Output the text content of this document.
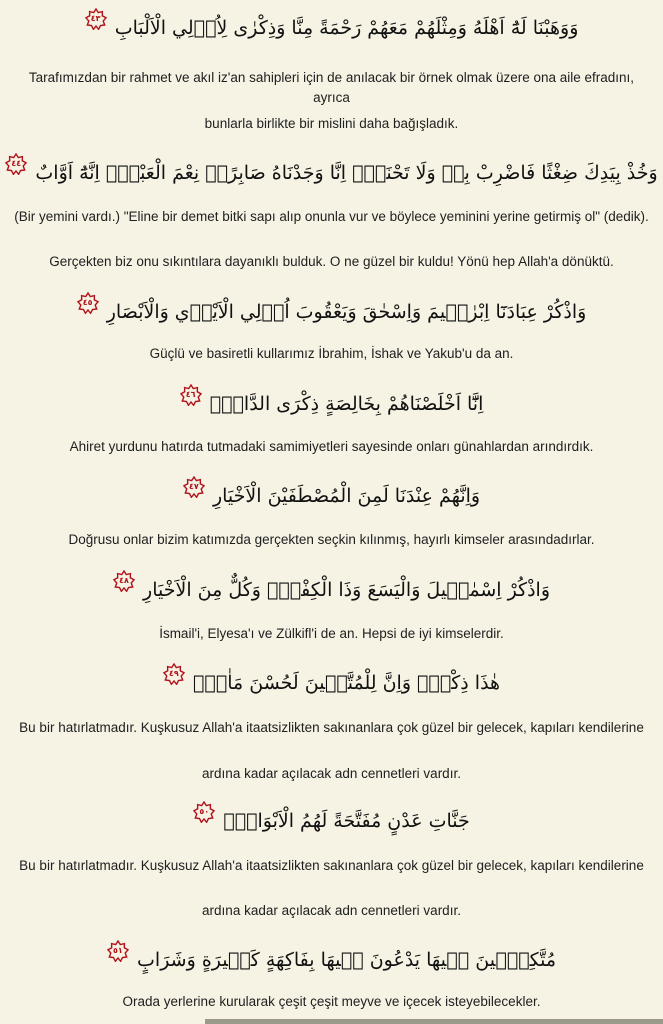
وَوَهَبْنَا لَهُٓ اَهْلَهُ وَمِثْلَهُمْ مَعَهُمْ رَحْمَةً مِنَّا وَذِكْرٰى لِاُو۬لِي الْاَلْبَابِ
٤٣
Tarafımızdan bir rahmet ve akıl iz'an sahipleri için de anılacak bir örnek olmak üzere ona aile efradını, ayrıca
bunlarla birlikte bir mislini daha bağışladık.
وَخُذْ بِيَدِكَ ضِغْثًا فَاضْرِبْ بِهٖ وَلَا تَحْنَثْۜ اِنَّا وَجَدْنَاهُ صَابِرًاۜ نِعْمَ الْعَبْدُۜ اِنَّهُٓ اَوَّابٌ
٤٤
(Bir yemini vardı.) "Eline bir demet bitki sapı alıp onunla vur ve böylece yeminini yerine getirmiş ol" (dedik).
Gerçekten biz onu sıkıntılara dayanıklı bulduk. O ne güzel bir kuldu! Yönü hep Allah'a dönüktü.
وَاذْكُرْ عِبَادَنَٓا اِبْرٰهٖيمَ وَاِسْحٰقَ وَيَعْقُوبَ اُو۬لِي الْاَيْدٖي وَالْاَبْصَارِ
٤٥
Güçlü ve basiretli kullarımız İbrahim, İshak ve Yakub'u da an.
اِنَّٓا اَخْلَصْنَاهُمْ بِخَالِصَةٍ ذِكْرَى الدَّارِۚ
٤٦
Ahiret yurdunu hatırda tutmadaki samimiyetleri sayesinde onları günahlardan arındırdık.
وَاِنَّهُمْ عِنْدَنَا لَمِنَ الْمُصْطَفَيْنَ الْاَخْيَارِ
٤٧
Doğrusu onlar bizim katımızda gerçekten seçkin kılınmış, hayırlı kimseler arasındadırlar.
وَاذْكُرْ اِسْمٰعٖيلَ وَالْيَسَعَ وَذَا الْكِفْلِۜ وَكُلٌّ مِنَ الْاَخْيَارِ
٤٨
İsmail'i, Elyesa'ı ve Zülkifl'i de an. Hepsi de iyi kimselerdir.
هٰذَا ذِكْرٌۜ وَاِنَّ لِلْمُتَّقٖينَ لَحُسْنَ مَاٰبٍۙ
٤٩
Bu bir hatırlatmadır. Kuşkusuz Allah'a itaatsizlikten sakınanlara çok güzel bir gelecek, kapıları kendilerine
ardına kadar açılacak adn cennetleri vardır.
جَنَّاتِ عَدْنٍ مُفَتَّحَةً لَهُمُ الْاَبْوَابُۚ
٥٠
Bu bir hatırlatmadır. Kuşkusuz Allah'a itaatsizlikten sakınanlara çok güzel bir gelecek, kapıları kendilerine
ardına kadar açılacak adn cennetleri vardır.
مُتَّكِـٖٔينَ فٖيهَا يَدْعُونَ فٖيهَا بِفَاكِهَةٍ كَثٖيرَةٍ وَشَرَابٍ
٥١
Orada yerlerine kurularak çeşit çeşit meyve ve içecek isteyebilecekler.
